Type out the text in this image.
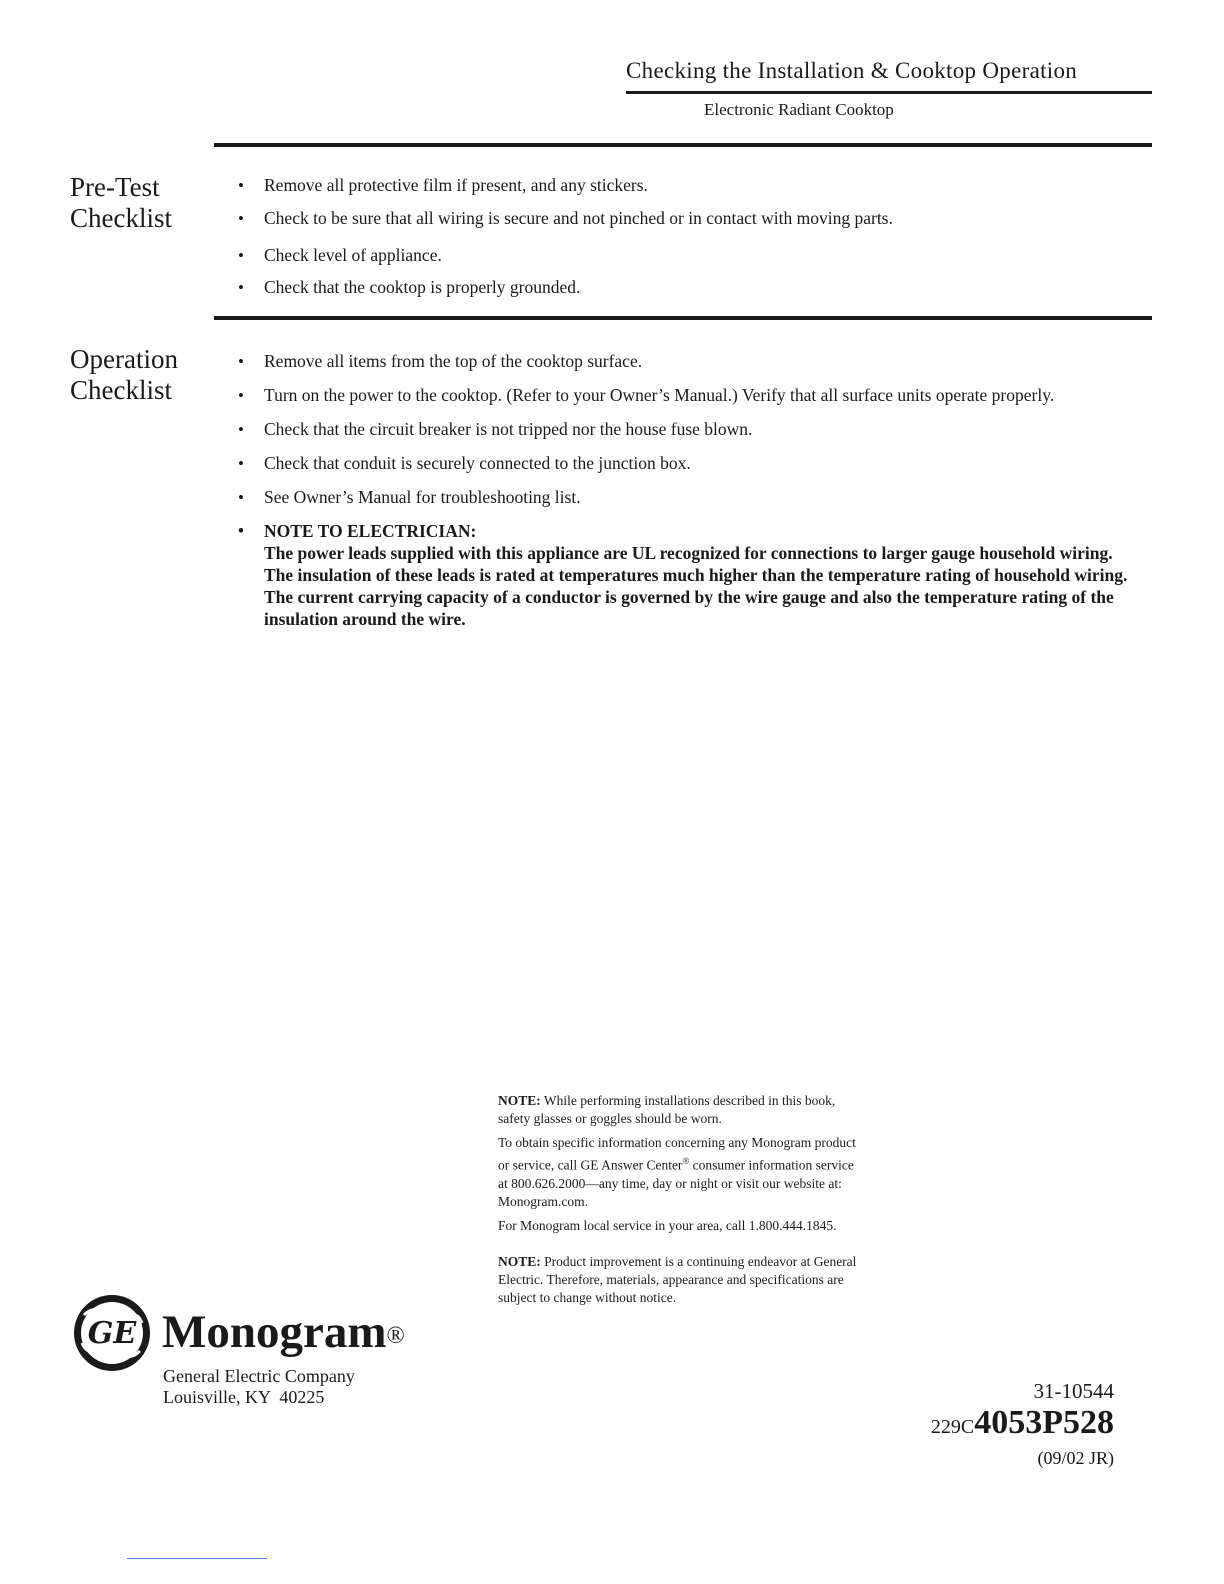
Checking the Installation & Cooktop Operation
Electronic Radiant Cooktop
Pre-Test
Checklist
• Remove all protective film if present, and any stickers.
• Check to be sure that all wiring is secure and not pinched or in contact with moving parts.
• Check level of appliance.
• Check that the cooktop is properly grounded.
Operation
Checklist
• Remove all items from the top of the cooktop surface.
• Turn on the power to the cooktop. (Refer to your Owner’s Manual.) Verify that all surface units operate properly.
• Check that the circuit breaker is not tripped nor the house fuse blown.
• Check that conduit is securely connected to the junction box.
• See Owner’s Manual for troubleshooting list.
• NOTE TO ELECTRICIAN:
The power leads supplied with this appliance are UL recognized for connections to larger gauge household wiring. The insulation of these leads is rated at temperatures much higher than the temperature rating of household wiring. The current carrying capacity of a conductor is governed by the wire gauge and also the temperature rating of the insulation around the wire.

NOTE: While performing installations described in this book, safety glasses or goggles should be worn.

To obtain specific information concerning any Monogram product or service, call GE Answer Center® consumer information service at 800.626.2000—any time, day or night or visit our website at: Monogram.com.

For Monogram local service in your area, call 1.800.444.1845.

NOTE: Product improvement is a continuing endeavor at General Electric. Therefore, materials, appearance and specifications are subject to change without notice.

GE Monogram®
General Electric Company
Louisville, KY  40225	31-10544
229C4053P528
(09/02 JR)
